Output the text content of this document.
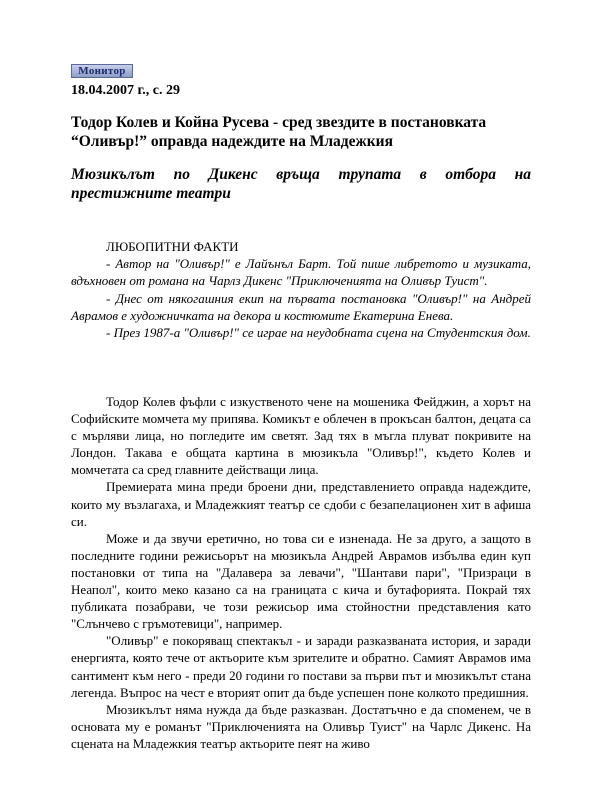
Монитор
18.04.2007 г., с. 29
Тодор Колев и Койна Русева - сред звездите в постановката “Оливър!” оправда надеждите на Младежкия
Мюзикълът по Дикенс връща трупата в отбора на престижните театри
ЛЮБОПИТНИ ФАКТИ

- Автор на "Оливър!" е Лайънъл Барт. Той пише либретото и музиката, вдъхновен от романа на Чарлз Дикенс "Приключенията на Оливър Туист".

- Днес от някогашния екип на първата постановка "Оливър!" на Андрей Аврамов е художничката на декора и костюмите Екатерина Енева.

- През 1987-а "Оливър!" се играе на неудобната сцена на Студентския дом.

Тодор Колев фъфли с изкуственото чене на мошеника Фейджин, а хорът на Софийските момчета му припява. Комикът е облечен в прокъсан балтон, децата са с мърляви лица, но погледите им светят. Зад тях в мъгла плуват покривите на Лондон. Такава е общата картина в мюзикъла "Оливър!", където Колев и момчетата са сред главните действащи лица.

Премиерата мина преди броени дни, представлението оправда надеждите, които му възлагаха, и Младежкият театър се сдоби с безапелационен хит в афиша си.

Може и да звучи еретично, но това си е изненада. Не за друго, а защото в последните години режисьорът на мюзикъла Андрей Аврамов избълва един куп постановки от типа на "Далавера за левачи", "Шантави пари", "Призраци в Неапол", които меко казано са на границата с кича и бутафорията. Покрай тях публиката позабрави, че този режисьор има стойностни представления като "Слънчево с гръмотевици", например.

"Оливър" е покоряващ спектакъл - и заради разказваната история, и заради енергията, която тече от актьорите към зрителите и обратно. Самият Аврамов има сантимент към него - преди 20 години го постави за първи път и мюзикълът стана легенда. Въпрос на чест е вторият опит да бъде успешен поне колкото предишния.

Мюзикълът няма нужда да бъде разказван. Достатъчно е да споменем, че в основата му е романът "Приключенията на Оливър Туист" на Чарлс Дикенс. На сцената на Младежкия театър актьорите пеят на живо
